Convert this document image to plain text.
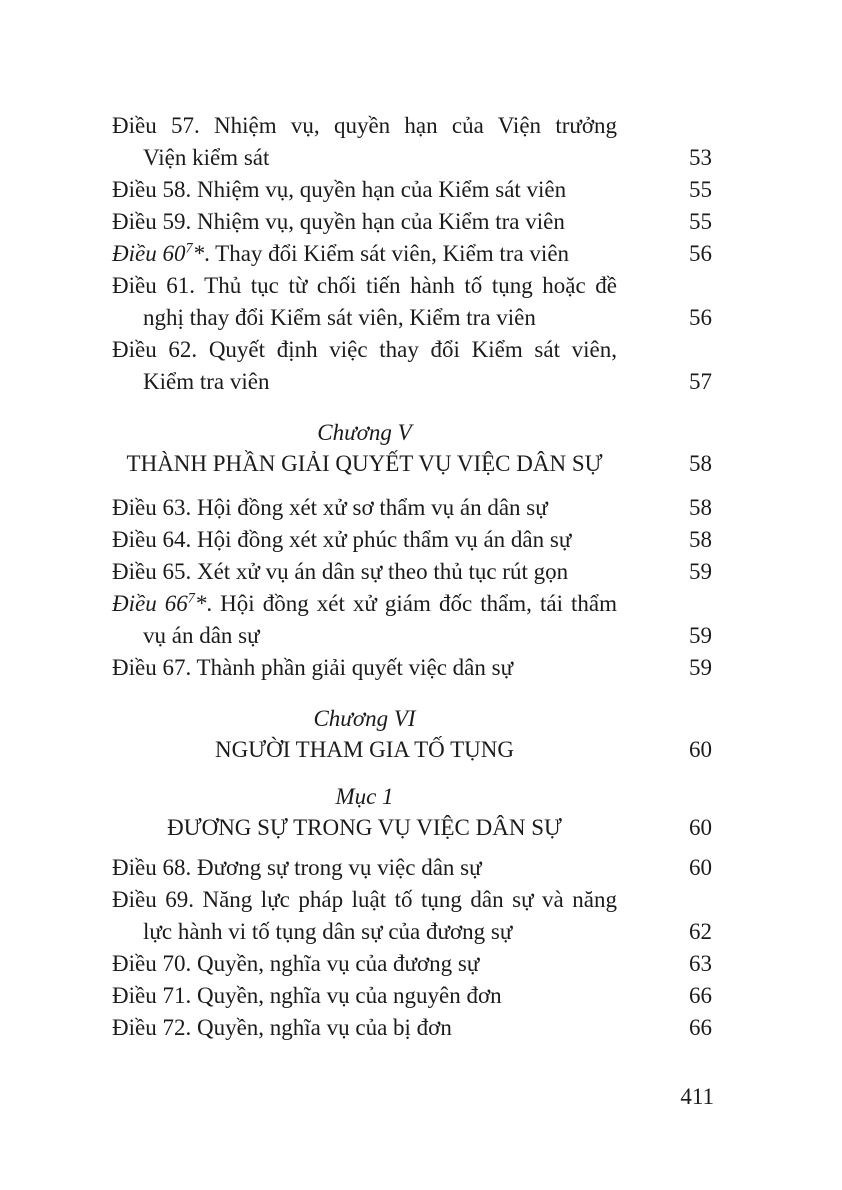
Điều 57. Nhiệm vụ, quyền hạn của Viện trưởng
Viện kiểm sát	53
Điều 58. Nhiệm vụ, quyền hạn của Kiểm sát viên	55
Điều 59. Nhiệm vụ, quyền hạn của Kiểm tra viên	55
Điều $60^7*$. Thay đổi Kiểm sát viên, Kiểm tra viên	56
Điều 61. Thủ tục từ chối tiến hành tố tụng hoặc đề
nghị thay đổi Kiểm sát viên, Kiểm tra viên	56
Điều 62. Quyết định việc thay đổi Kiểm sát viên,
Kiểm tra viên	57
Chương V
THÀNH PHẦN GIẢI QUYẾT VỤ VIỆC DÂN SỰ	58
Điều 63. Hội đồng xét xử sơ thẩm vụ án dân sự	58
Điều 64. Hội đồng xét xử phúc thẩm vụ án dân sự	58
Điều 65. Xét xử vụ án dân sự theo thủ tục rút gọn	59
Điều $66^7*$. Hội đồng xét xử giám đốc thẩm, tái thẩm
vụ án dân sự	59
Điều 67. Thành phần giải quyết việc dân sự	59
Chương VI
NGƯỜI THAM GIA TỐ TỤNG	60
Mục 1
ĐƯƠNG SỰ TRONG VỤ VIỆC DÂN SỰ	60
Điều 68. Đương sự trong vụ việc dân sự	60
Điều 69. Năng lực pháp luật tố tụng dân sự và năng
lực hành vi tố tụng dân sự của đương sự	62
Điều 70. Quyền, nghĩa vụ của đương sự	63
Điều 71. Quyền, nghĩa vụ của nguyên đơn	66
Điều 72. Quyền, nghĩa vụ của bị đơn	66
411
